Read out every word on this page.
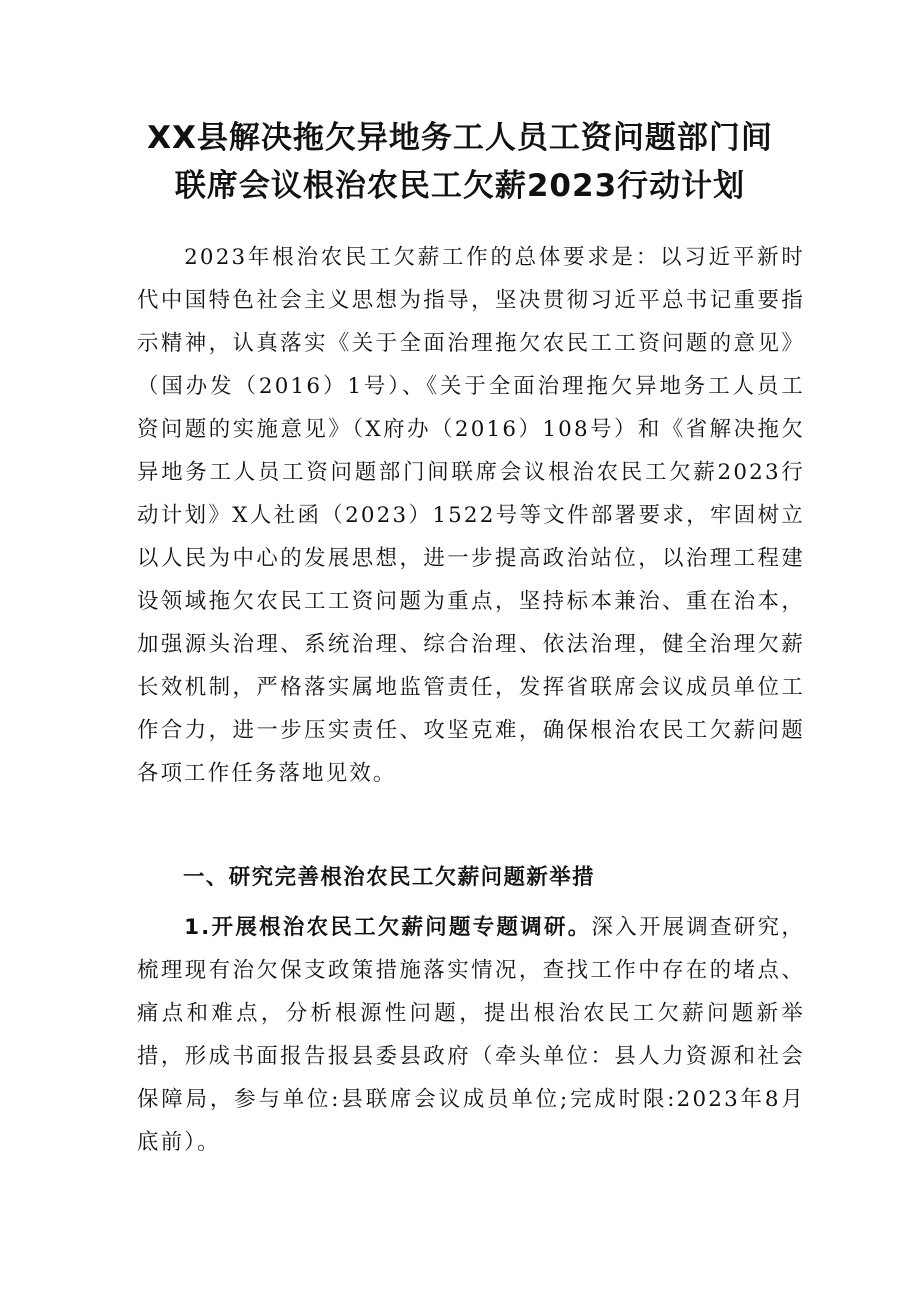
XX县解决拖欠异地务工人员工资问题部门间
联席会议根治农民工欠薪2023行动计划

2023年根治农民工欠薪工作的总体要求是：以习近平新时代中国特色社会主义思想为指导，坚决贯彻习近平总书记重要指示精神，认真落实《关于全面治理拖欠农民工工资问题的意见》（国办发（2016）1号）、《关于全面治理拖欠异地务工人员工资问题的实施意见》（X府办（2016）108号）和《省解决拖欠异地务工人员工资问题部门间联席会议根治农民工欠薪2023行动计划》X人社函（2023）1522号等文件部署要求，牢固树立以人民为中心的发展思想，进一步提高政治站位，以治理工程建设领域拖欠农民工工资问题为重点，坚持标本兼治、重在治本，加强源头治理、系统治理、综合治理、依法治理，健全治理欠薪长效机制，严格落实属地监管责任，发挥省联席会议成员单位工作合力，进一步压实责任、攻坚克难，确保根治农民工欠薪问题各项工作任务落地见效。

一、研究完善根治农民工欠薪问题新举措

1.开展根治农民工欠薪问题专题调研。深入开展调查研究，梳理现有治欠保支政策措施落实情况，查找工作中存在的堵点、痛点和难点，分析根源性问题，提出根治农民工欠薪问题新举措，形成书面报告报县委县政府（牵头单位：县人力资源和社会保障局，参与单位:县联席会议成员单位;完成时限:2023年8月底前）。
